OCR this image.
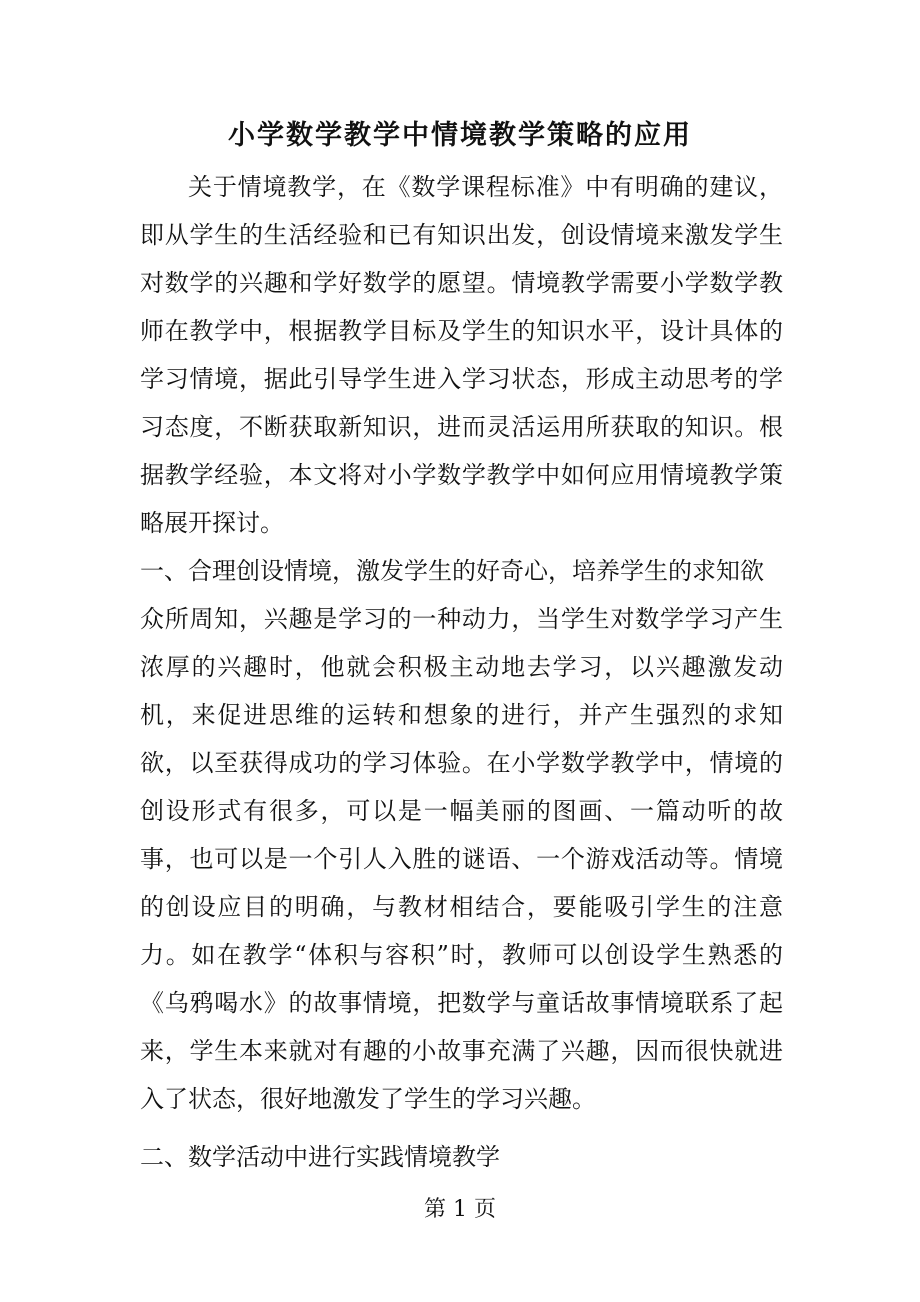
小学数学教学中情境教学策略的应用

关于情境教学，在《数学课程标准》中有明确的建议，即从学生的生活经验和已有知识出发，创设情境来激发学生对数学的兴趣和学好数学的愿望。情境教学需要小学数学教师在教学中，根据教学目标及学生的知识水平，设计具体的学习情境，据此引导学生进入学习状态，形成主动思考的学习态度，不断获取新知识，进而灵活运用所获取的知识。根据教学经验，本文将对小学数学教学中如何应用情境教学策略展开探讨。

一、合理创设情境，激发学生的好奇心，培养学生的求知欲

众所周知，兴趣是学习的一种动力，当学生对数学学习产生浓厚的兴趣时，他就会积极主动地去学习，以兴趣激发动机，来促进思维的运转和想象的进行，并产生强烈的求知欲，以至获得成功的学习体验。在小学数学教学中，情境的创设形式有很多，可以是一幅美丽的图画、一篇动听的故事，也可以是一个引人入胜的谜语、一个游戏活动等。情境的创设应目的明确，与教材相结合，要能吸引学生的注意力。如在教学“体积与容积”时，教师可以创设学生熟悉的《乌鸦喝水》的故事情境，把数学与童话故事情境联系了起来，学生本来就对有趣的小故事充满了兴趣，因而很快就进入了状态，很好地激发了学生的学习兴趣。

二、数学活动中进行实践情境教学

第 1 页
